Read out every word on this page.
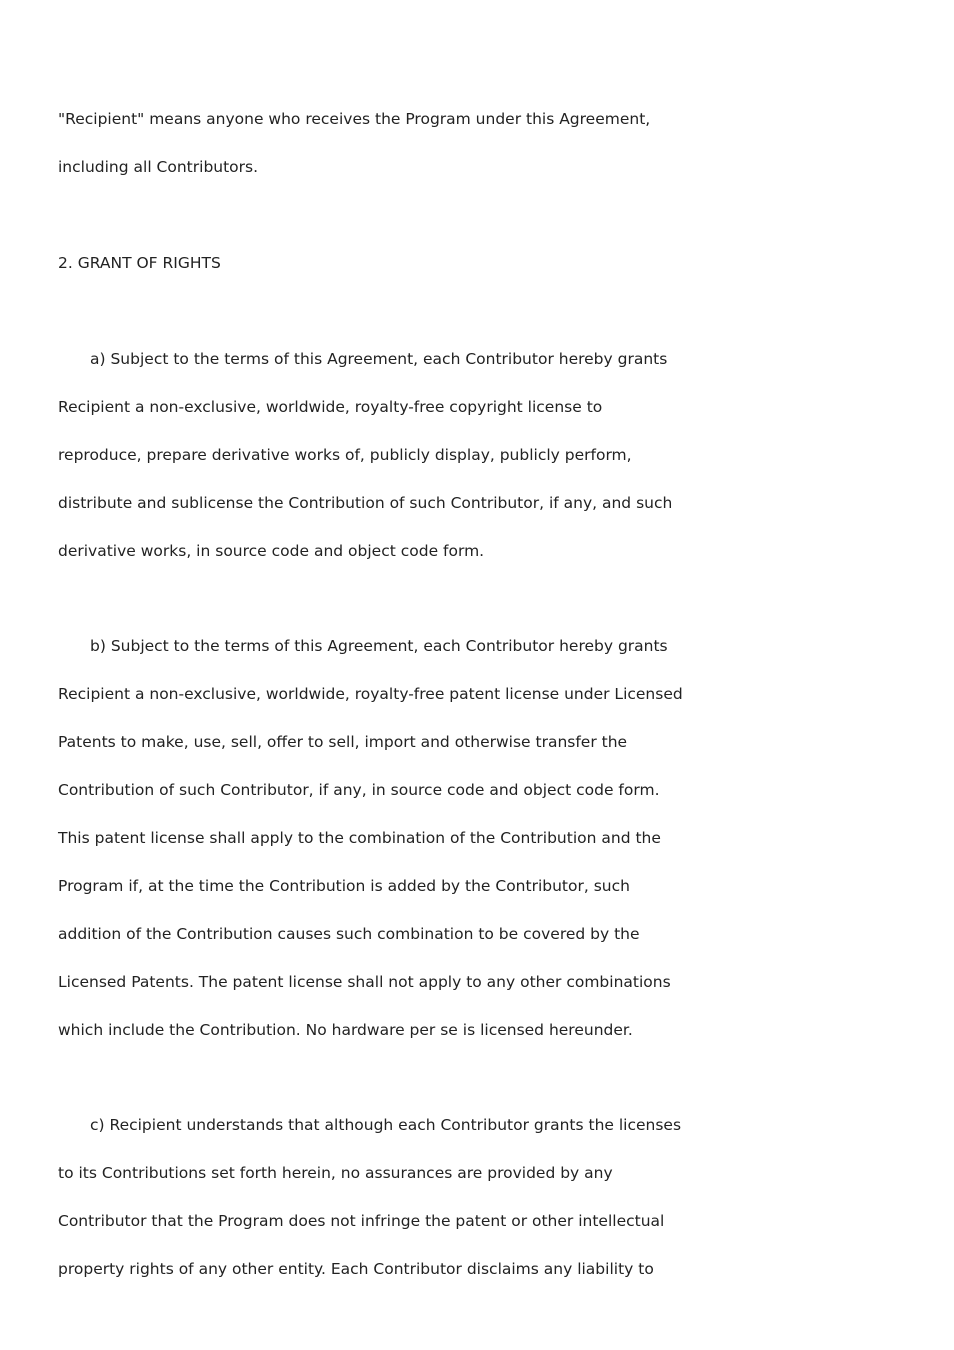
"Recipient" means anyone who receives the Program under this Agreement,
including all Contributors.
2. GRANT OF RIGHTS
a) Subject to the terms of this Agreement, each Contributor hereby grants
Recipient a non-exclusive, worldwide, royalty-free copyright license to
reproduce, prepare derivative works of, publicly display, publicly perform,
distribute and sublicense the Contribution of such Contributor, if any, and such
derivative works, in source code and object code form.
b) Subject to the terms of this Agreement, each Contributor hereby grants
Recipient a non-exclusive, worldwide, royalty-free patent license under Licensed
Patents to make, use, sell, offer to sell, import and otherwise transfer the
Contribution of such Contributor, if any, in source code and object code form.
This patent license shall apply to the combination of the Contribution and the
Program if, at the time the Contribution is added by the Contributor, such
addition of the Contribution causes such combination to be covered by the
Licensed Patents. The patent license shall not apply to any other combinations
which include the Contribution. No hardware per se is licensed hereunder.
c) Recipient understands that although each Contributor grants the licenses
to its Contributions set forth herein, no assurances are provided by any
Contributor that the Program does not infringe the patent or other intellectual
property rights of any other entity. Each Contributor disclaims any liability to
